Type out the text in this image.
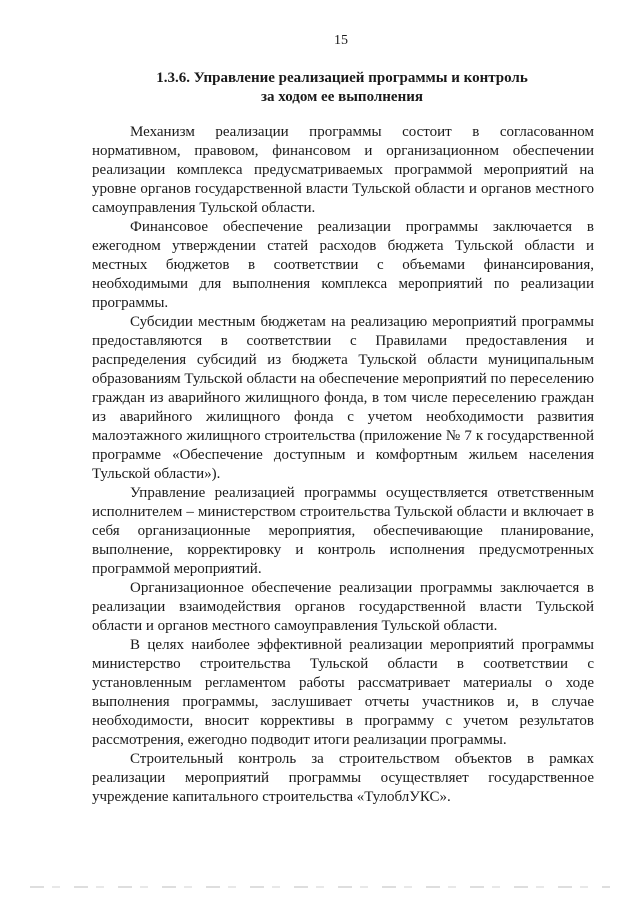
15
1.3.6. Управление реализацией программы и контроль
за ходом ее выполнения

Механизм реализации программы состоит в согласованном нормативном, правовом, финансовом и организационном обеспечении реализации комплекса предусматриваемых программой мероприятий на уровне органов государственной власти Тульской области и органов местного самоуправления Тульской области.

Финансовое обеспечение реализации программы заключается в ежегодном утверждении статей расходов бюджета Тульской области и местных бюджетов в соответствии с объемами финансирования, необходимыми для выполнения комплекса мероприятий по реализации программы.

Субсидии местным бюджетам на реализацию мероприятий программы предоставляются в соответствии с Правилами предоставления и распределения субсидий из бюджета Тульской области муниципальным образованиям Тульской области на обеспечение мероприятий по переселению граждан из аварийного жилищного фонда, в том числе переселению граждан из аварийного жилищного фонда с учетом необходимости развития малоэтажного жилищного строительства (приложение № 7 к государственной программе «Обеспечение доступным и комфортным жильем населения Тульской области»).

Управление реализацией программы осуществляется ответственным исполнителем – министерством строительства Тульской области и включает в себя организационные мероприятия, обеспечивающие планирование, выполнение, корректировку и контроль исполнения предусмотренных программой мероприятий.

Организационное обеспечение реализации программы заключается в реализации взаимодействия органов государственной власти Тульской области и органов местного самоуправления Тульской области.

В целях наиболее эффективной реализации мероприятий программы министерство строительства Тульской области в соответствии с установленным регламентом работы рассматривает материалы о ходе выполнения программы, заслушивает отчеты участников и, в случае необходимости, вносит коррективы в программу с учетом результатов рассмотрения, ежегодно подводит итоги реализации программы.

Строительный контроль за строительством объектов в рамках реализации мероприятий программы осуществляет государственное учреждение капитального строительства «ТулоблУКС».
